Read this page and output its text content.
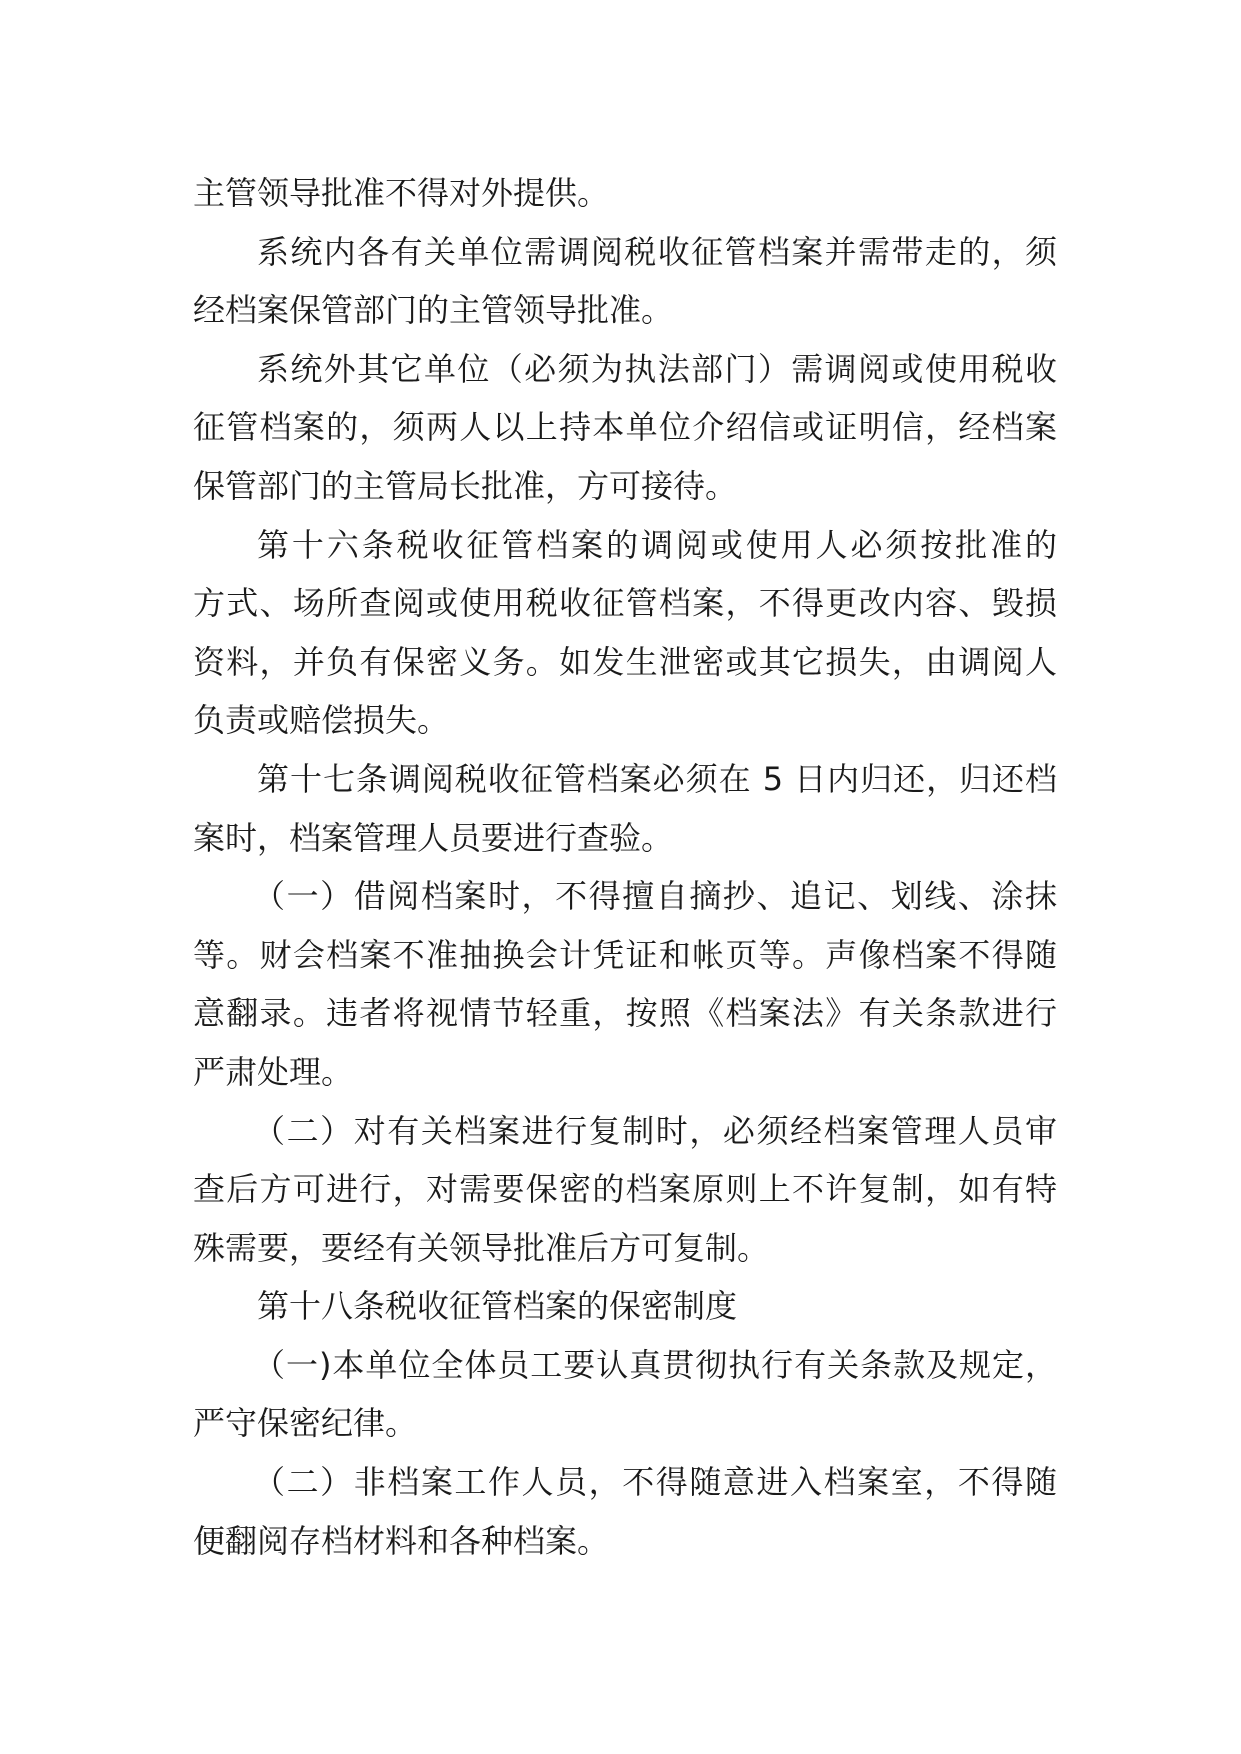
主管领导批准不得对外提供。
系统内各有关单位需调阅税收征管档案并需带走的，须
经档案保管部门的主管领导批准。
系统外其它单位（必须为执法部门）需调阅或使用税收
征管档案的，须两人以上持本单位介绍信或证明信，经档案
保管部门的主管局长批准，方可接待。
第十六条税收征管档案的调阅或使用人必须按批准的
方式、场所查阅或使用税收征管档案，不得更改内容、毁损
资料，并负有保密义务。如发生泄密或其它损失，由调阅人
负责或赔偿损失。
第十七条调阅税收征管档案必须在 5 日内归还，归还档
案时，档案管理人员要进行查验。
（一）借阅档案时，不得擅自摘抄、追记、划线、涂抹
等。财会档案不准抽换会计凭证和帐页等。声像档案不得随
意翻录。违者将视情节轻重，按照《档案法》有关条款进行
严肃处理。
（二）对有关档案进行复制时，必须经档案管理人员审
查后方可进行，对需要保密的档案原则上不许复制，如有特
殊需要，要经有关领导批准后方可复制。
第十八条税收征管档案的保密制度
（一)本单位全体员工要认真贯彻执行有关条款及规定，
严守保密纪律。
（二）非档案工作人员，不得随意进入档案室，不得随
便翻阅存档材料和各种档案。
